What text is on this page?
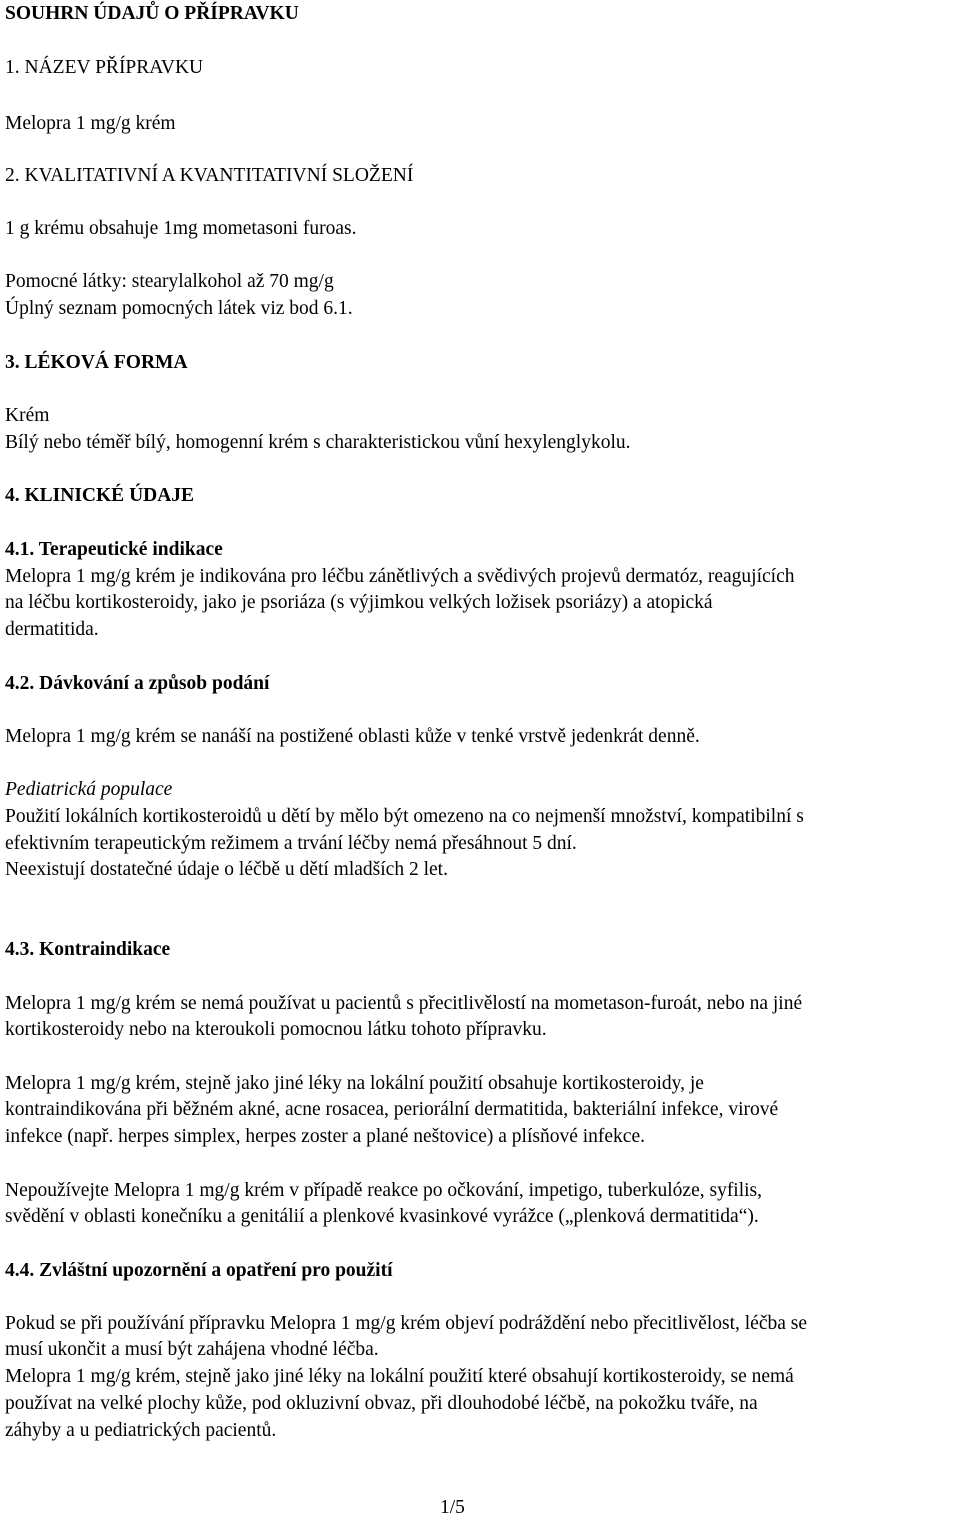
SOUHRN ÚDAJŮ O PŘÍPRAVKU

1. NÁZEV PŘÍPRAVKU

Melopra 1 mg/g krém

2. KVALITATIVNÍ A KVANTITATIVNÍ SLOŽENÍ

1 g krému obsahuje 1mg mometasoni furoas.

Pomocné látky: stearylalkohol až 70 mg/g

Úplný seznam pomocných látek viz bod 6.1.

3. LÉKOVÁ FORMA

Krém

Bílý nebo téměř bílý, homogenní krém s charakteristickou vůní hexylenglykolu.

4. KLINICKÉ ÚDAJE

4.1. Terapeutické indikace

Melopra 1 mg/g krém je indikována pro léčbu zánětlivých a svědivých projevů dermatóz, reagujících

na léčbu kortikosteroidy, jako je psoriáza (s výjimkou velkých ložisek psoriázy) a atopická

dermatitida.

4.2. Dávkování a způsob podání

Melopra 1 mg/g krém se nanáší na postižené oblasti kůže v tenké vrstvě jedenkrát denně.

Pediatrická populace

Použití lokálních kortikosteroidů u dětí by mělo být omezeno na co nejmenší množství, kompatibilní s

efektivním terapeutickým režimem a trvání léčby nemá přesáhnout 5 dní.

Neexistují dostatečné údaje o léčbě u dětí mladších 2 let.

4.3. Kontraindikace

Melopra 1 mg/g krém se nemá používat u pacientů s přecitlivělostí na mometason-furoát, nebo na jiné

kortikosteroidy nebo na kteroukoli pomocnou látku tohoto přípravku.

Melopra 1 mg/g krém, stejně jako jiné léky na lokální použití obsahuje kortikosteroidy, je

kontraindikována při běžném akné, acne rosacea, periorální dermatitida, bakteriální infekce, virové

infekce (např. herpes simplex, herpes zoster a plané neštovice) a plísňové infekce.

Nepoužívejte Melopra 1 mg/g krém v případě reakce po očkování, impetigo, tuberkulóze, syfilis,

svědění v oblasti konečníku a genitálií a plenkové kvasinkové vyrážce („plenková dermatitida“).

4.4. Zvláštní upozornění a opatření pro použití

Pokud se při používání přípravku Melopra 1 mg/g krém objeví podráždění nebo přecitlivělost, léčba se

musí ukončit a musí být zahájena vhodné léčba.

Melopra 1 mg/g krém, stejně jako jiné léky na lokální použití které obsahují kortikosteroidy, se nemá

používat na velké plochy kůže, pod okluzivní obvaz, při dlouhodobé léčbě, na pokožku tváře, na

záhyby a u pediatrických pacientů.

1/5
